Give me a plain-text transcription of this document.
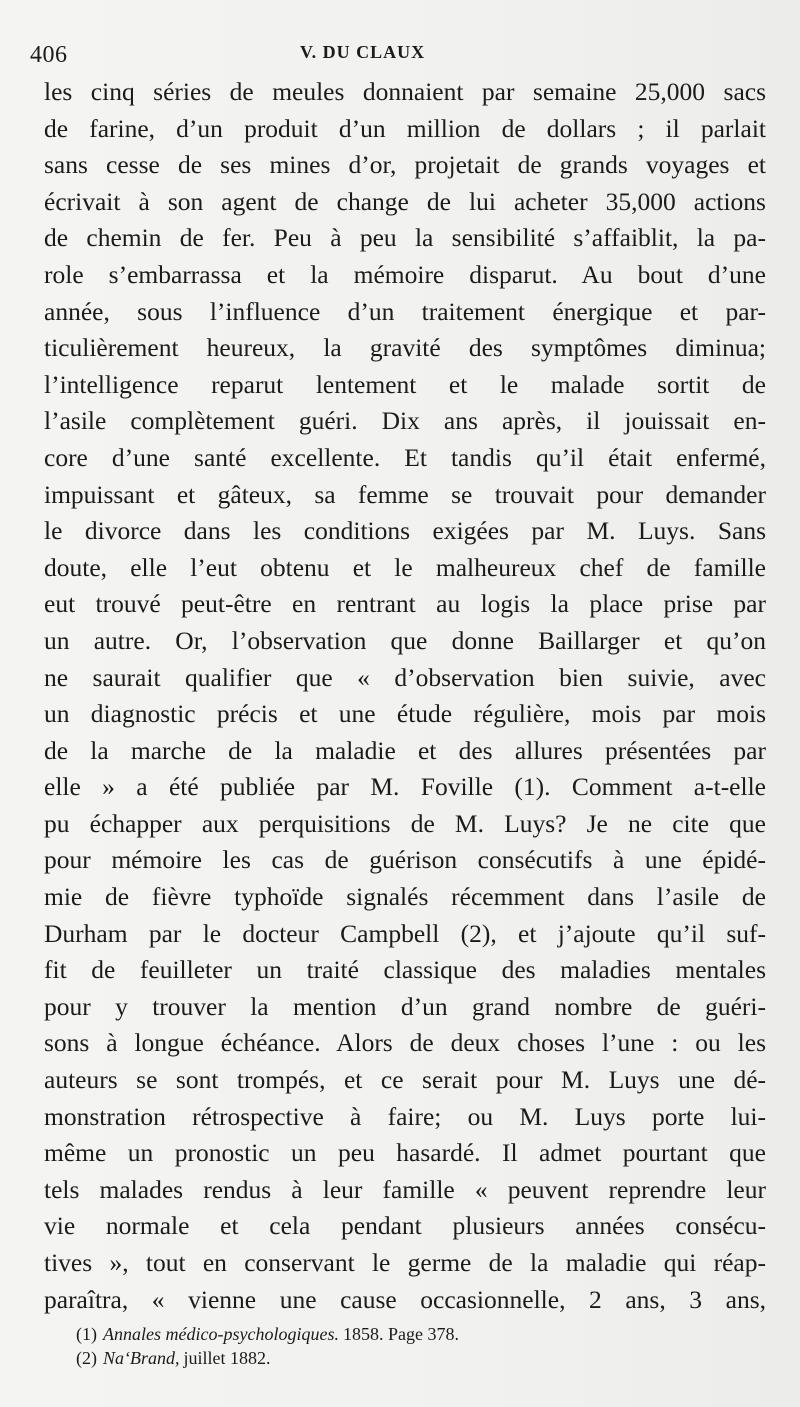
406	V. DU CLAUX
les cinq séries de meules donnaient par semaine 25,000 sacs
de farine, d’un produit d’un million de dollars ; il parlait
sans cesse de ses mines d’or, projetait de grands voyages et
écrivait à son agent de change de lui acheter 35,000 actions
de chemin de fer. Peu à peu la sensibilité s’affaiblit, la pa-
role s’embarrassa et la mémoire disparut. Au bout d’une
année, sous l’influence d’un traitement énergique et par-
ticulièrement heureux, la gravité des symptômes diminua;
l’intelligence reparut lentement et le malade sortit de
l’asile complètement guéri. Dix ans après, il jouissait en-
core d’une santé excellente. Et tandis qu’il était enfermé,
impuissant et gâteux, sa femme se trouvait pour demander
le divorce dans les conditions exigées par M. Luys. Sans
doute, elle l’eut obtenu et le malheureux chef de famille
eut trouvé peut-être en rentrant au logis la place prise par
un autre. Or, l’observation que donne Baillarger et qu’on
ne saurait qualifier que « d’observation bien suivie, avec
un diagnostic précis et une étude régulière, mois par mois
de la marche de la maladie et des allures présentées par
elle » a été publiée par M. Foville (1). Comment a-t-elle
pu échapper aux perquisitions de M. Luys? Je ne cite que
pour mémoire les cas de guérison consécutifs à une épidé-
mie de fièvre typhoïde signalés récemment dans l’asile de
Durham par le docteur Campbell (2), et j’ajoute qu’il suf-
fit de feuilleter un traité classique des maladies mentales
pour y trouver la mention d’un grand nombre de guéri-
sons à longue échéance. Alors de deux choses l’une : ou les
auteurs se sont trompés, et ce serait pour M. Luys une dé-
monstration rétrospective à faire; ou M. Luys porte lui-
même un pronostic un peu hasardé. Il admet pourtant que
tels malades rendus à leur famille « peuvent reprendre leur
vie normale et cela pendant plusieurs années consécu-
tives », tout en conservant le germe de la maladie qui réap-
paraîtra, « vienne une cause occasionnelle, 2 ans, 3 ans,
(1) Annales médico-psychologiques. 1858. Page 378.
(2) Na‘Brand, juillet 1882.
